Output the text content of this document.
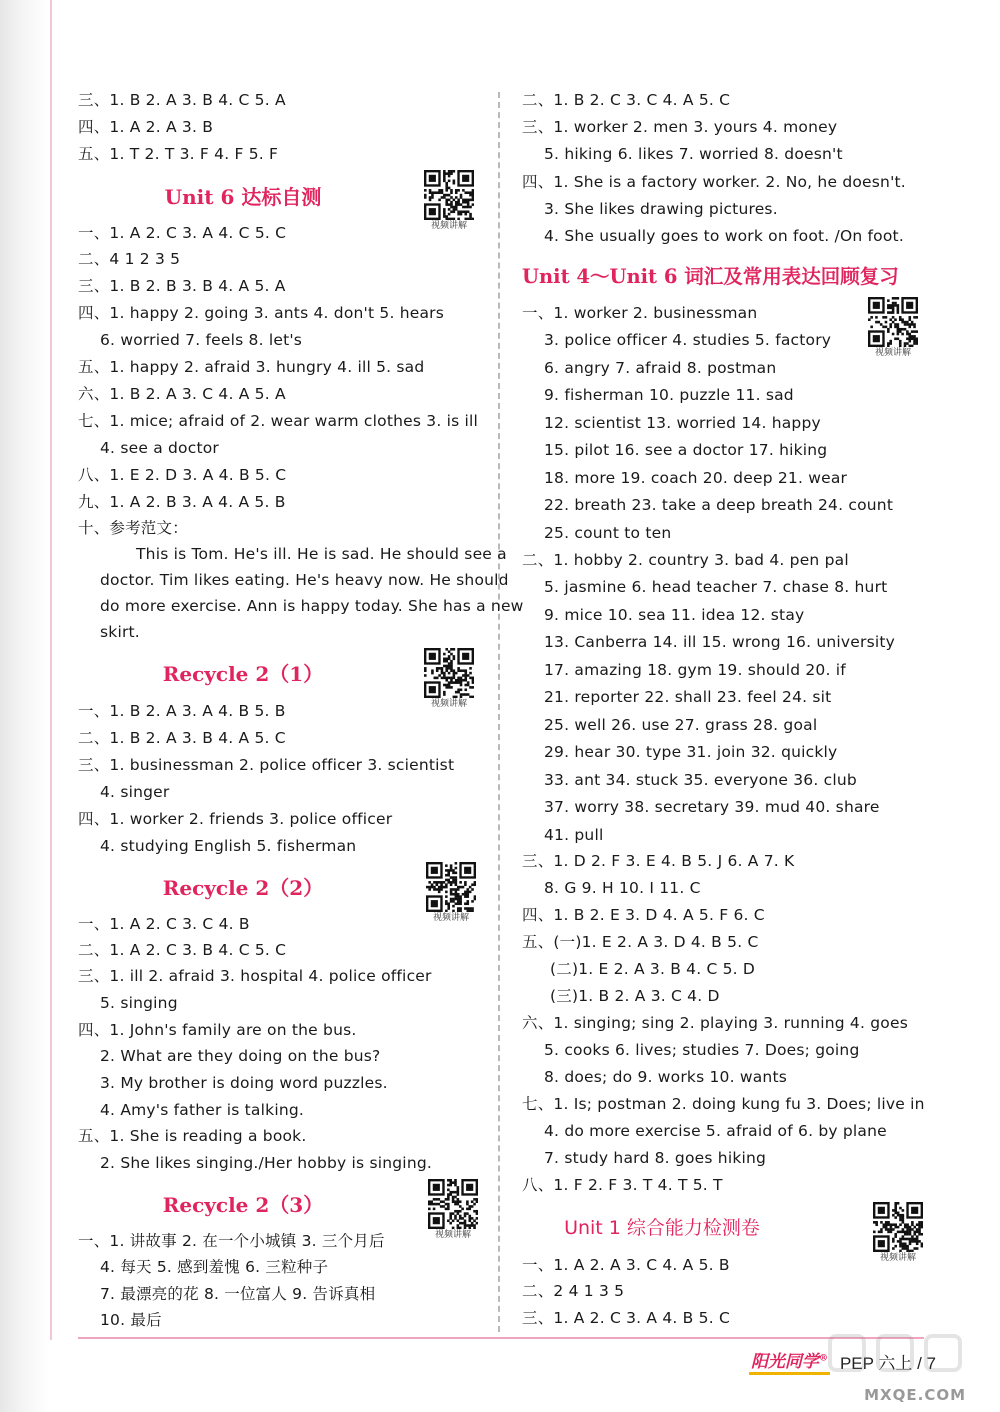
三、1. B 2. A 3. B 4. C 5. A
四、1. A 2. A 3. B
五、1. T 2. T 3. F 4. F 5. F
Unit 6 达标自测
一、1. A 2. C 3. A 4. C 5. C
二、4 1 2 3 5
三、1. B 2. B 3. B 4. A 5. A
四、1. happy 2. going 3. ants 4. don't 5. hears
6. worried 7. feels 8. let's
五、1. happy 2. afraid 3. hungry 4. ill 5. sad
六、1. B 2. A 3. C 4. A 5. A
七、1. mice; afraid of 2. wear warm clothes 3. is ill
4. see a doctor
八、1. E 2. D 3. A 4. B 5. C
九、1. A 2. B 3. A 4. A 5. B
十、参考范文：
This is Tom. He's ill. He is sad. He should see a
doctor. Tim likes eating. He's heavy now. He should
do more exercise. Ann is happy today. She has a new
skirt.
Recycle 2（1）
一、1. B 2. A 3. A 4. B 5. B
二、1. B 2. A 3. B 4. A 5. C
三、1. businessman 2. police officer 3. scientist
4. singer
四、1. worker 2. friends 3. police officer
4. studying English 5. fisherman
Recycle 2（2）
一、1. A 2. C 3. C 4. B
二、1. A 2. C 3. B 4. C 5. C
三、1. ill 2. afraid 3. hospital 4. police officer
5. singing
四、1. John's family are on the bus.
2. What are they doing on the bus?
3. My brother is doing word puzzles.
4. Amy's father is talking.
五、1. She is reading a book.
2. She likes singing./Her hobby is singing.
Recycle 2（3）
一、1. 讲故事 2. 在一个小城镇 3. 三个月后
4. 每天 5. 感到羞愧 6. 三粒种子
7. 最漂亮的花 8. 一位富人 9. 告诉真相
10. 最后
二、1. B 2. C 3. C 4. A 5. C
三、1. worker 2. men 3. yours 4. money
5. hiking 6. likes 7. worried 8. doesn't
四、1. She is a factory worker. 2. No, he doesn't.
3. She likes drawing pictures.
4. She usually goes to work on foot. /On foot.
Unit 4～Unit 6 词汇及常用表达回顾复习
一、1. worker 2. businessman
3. police officer 4. studies 5. factory
6. angry 7. afraid 8. postman
9. fisherman 10. puzzle 11. sad
12. scientist 13. worried 14. happy
15. pilot 16. see a doctor 17. hiking
18. more 19. coach 20. deep 21. wear
22. breath 23. take a deep breath 24. count
25. count to ten
二、1. hobby 2. country 3. bad 4. pen pal
5. jasmine 6. head teacher 7. chase 8. hurt
9. mice 10. sea 11. idea 12. stay
13. Canberra 14. ill 15. wrong 16. university
17. amazing 18. gym 19. should 20. if
21. reporter 22. shall 23. feel 24. sit
25. well 26. use 27. grass 28. goal
29. hear 30. type 31. join 32. quickly
33. ant 34. stuck 35. everyone 36. club
37. worry 38. secretary 39. mud 40. share
41. pull
三、1. D 2. F 3. E 4. B 5. J 6. A 7. K
8. G 9. H 10. I 11. C
四、1. B 2. E 3. D 4. A 5. F 6. C
五、(一)1. E 2. A 3. D 4. B 5. C
(二)1. E 2. A 3. B 4. C 5. D
(三)1. B 2. A 3. C 4. D
六、1. singing; sing 2. playing 3. running 4. goes
5. cooks 6. lives; studies 7. Does; going
8. does; do 9. works 10. wants
七、1. Is; postman 2. doing kung fu 3. Does; live in
4. do more exercise 5. afraid of 6. by plane
7. study hard 8. goes hiking
八、1. F 2. F 3. T 4. T 5. T
Unit 1 综合能力检测卷
一、1. A 2. A 3. C 4. A 5. B
二、2 4 1 3 5
三、1. A 2. C 3. A 4. B 5. C
视频讲解
视频讲解
视频讲解
视频讲解
视频讲解
视频讲解
阳光同学® PEP 六上 / 7
MXQE.COM
